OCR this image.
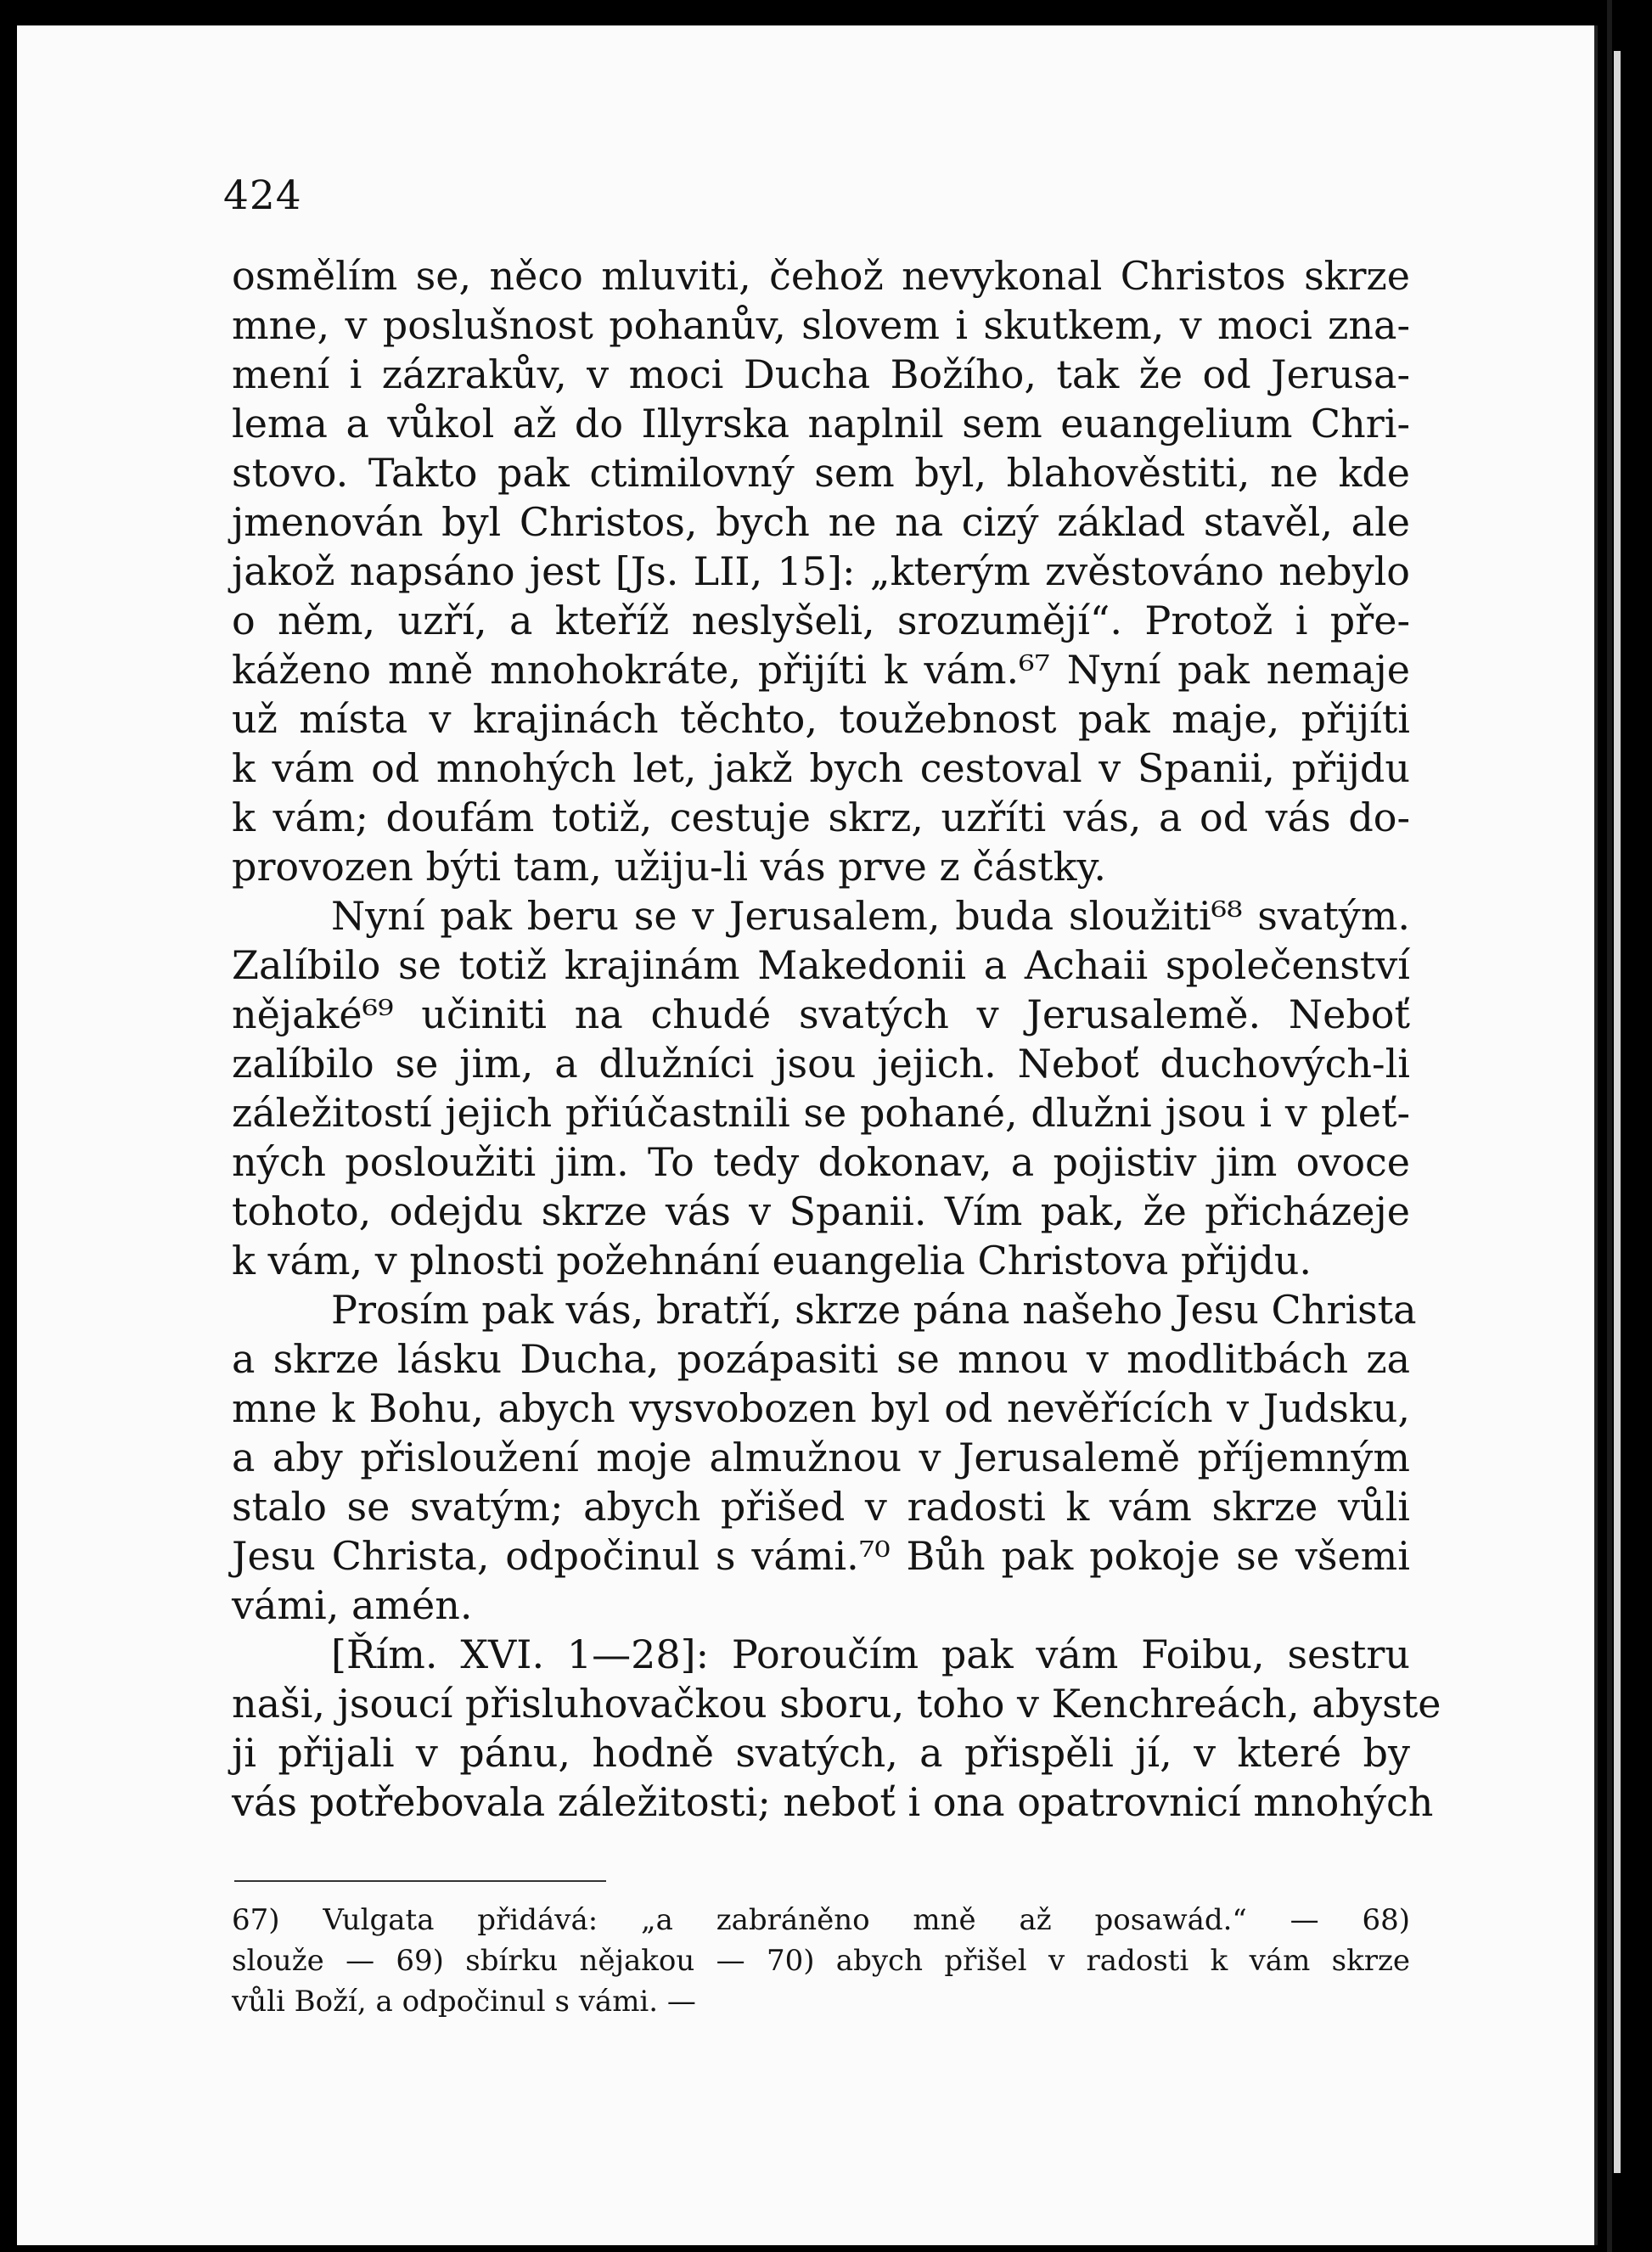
424
osmělím se, něco mluviti, čehož nevykonal Christos skrze
mne, v poslušnost pohanův, slovem i skutkem, v moci zna-
mení i zázrakův, v moci Ducha Božího, tak že od Jerusa-
lema a vůkol až do Illyrska naplnil sem euangelium Chri-
stovo. Takto pak ctimilovný sem byl, blahověstiti, ne kde
jmenován byl Christos, bych ne na cizý základ stavěl, ale
jakož napsáno jest [Js. LII, 15]: „kterým zvěstováno nebylo
o něm, uzří, a kteříž neslyšeli, srozumějí“. Protož i pře-
káženo mně mnohokráte, přijíti k vám.⁶⁷ Nyní pak nemaje
už místa v krajinách těchto, toužebnost pak maje, přijíti
k vám od mnohých let, jakž bych cestoval v Spanii, přijdu
k vám; doufám totiž, cestuje skrz, uzříti vás, a od vás do-
provozen býti tam, užiju-li vás prve z částky.
Nyní pak beru se v Jerusalem, buda sloužiti⁶⁸ svatým.
Zalíbilo se totiž krajinám Makedonii a Achaii společenství
nějaké⁶⁹ učiniti na chudé svatých v Jerusalemě. Neboť
zalíbilo se jim, a dlužníci jsou jejich. Neboť duchových-li
záležitostí jejich přiúčastnili se pohané, dlužni jsou i v pleť-
ných posloužiti jim. To tedy dokonav, a pojistiv jim ovoce
tohoto, odejdu skrze vás v Spanii. Vím pak, že přicházeje
k vám, v plnosti požehnání euangelia Christova přijdu.
Prosím pak vás, bratří, skrze pána našeho Jesu Christa
a skrze lásku Ducha, pozápasiti se mnou v modlitbách za
mne k Bohu, abych vysvobozen byl od nevěřících v Judsku,
a aby přisloužení moje almužnou v Jerusalemě příjemným
stalo se svatým; abych přišed v radosti k vám skrze vůli
Jesu Christa, odpočinul s vámi.⁷⁰ Bůh pak pokoje se všemi
vámi, amén.
[Řím. XVI. 1—28]: Poroučím pak vám Foibu, sestru
naši, jsoucí přisluhovačkou sboru, toho v Kenchreách, abyste
ji přijali v pánu, hodně svatých, a přispěli jí, v které by
vás potřebovala záležitosti; neboť i ona opatrovnicí mnohých
67) Vulgata přidává: „a zabráněno mně až posawád.“ — 68)
slouže — 69) sbírku nějakou — 70) abych přišel v radosti k vám skrze
vůli Boží, a odpočinul s vámi. —
